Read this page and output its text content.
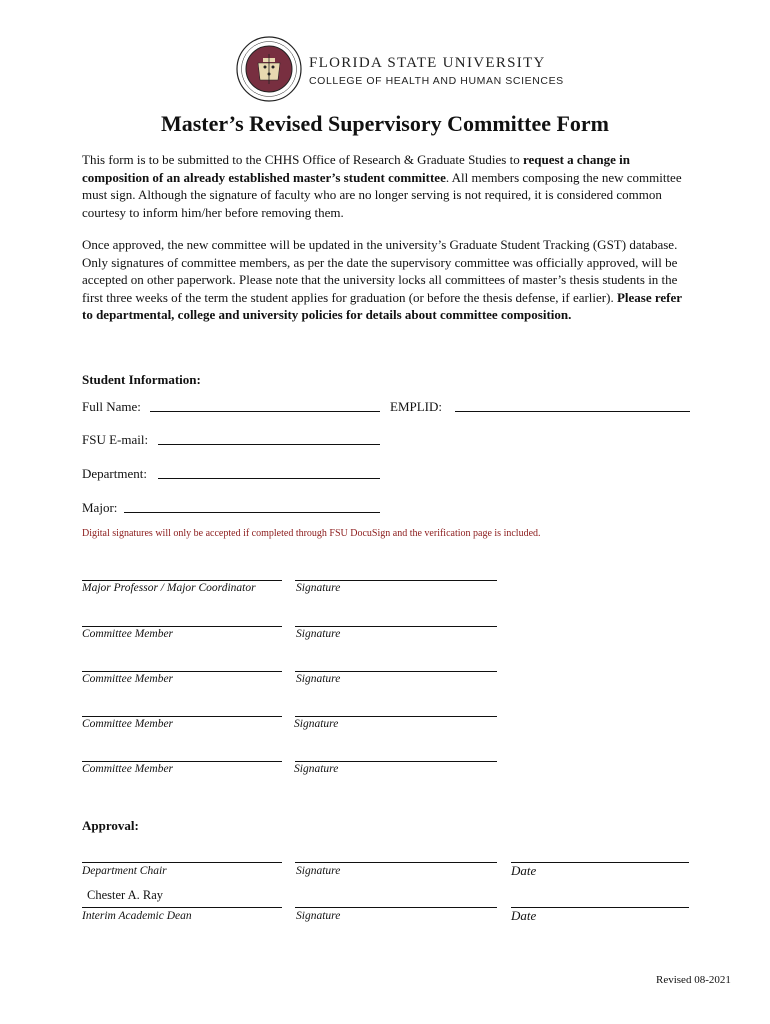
FLORIDA STATE UNIVERSITY
COLLEGE OF HEALTH AND HUMAN SCIENCES
Master’s Revised Supervisory Committee Form
This form is to be submitted to the CHHS Office of Research & Graduate Studies to request a change in composition of an already established master’s student committee. All members composing the new committee must sign. Although the signature of faculty who are no longer serving is not required, it is considered common courtesy to inform him/her before removing them.
Once approved, the new committee will be updated in the university’s Graduate Student Tracking (GST) database. Only signatures of committee members, as per the date the supervisory committee was officially approved, will be accepted on other paperwork. Please note that the university locks all committees of master’s thesis students in the first three weeks of the term the student applies for graduation (or before the thesis defense, if earlier). Please refer to departmental, college and university policies for details about committee composition.
Student Information:
Full Name:	EMPLID:
FSU E-mail:
Department:
Major:
Digital signatures will only be accepted if completed through FSU DocuSign and the verification page is included.
Major Professor / Major Coordinator	Signature
Committee Member	Signature
Committee Member	Signature
Committee Member	Signature
Committee Member	Signature
Approval:
Department Chair	Signature	Date
Chester A. Ray
Interim Academic Dean	Signature	Date
Revised 08-2021
